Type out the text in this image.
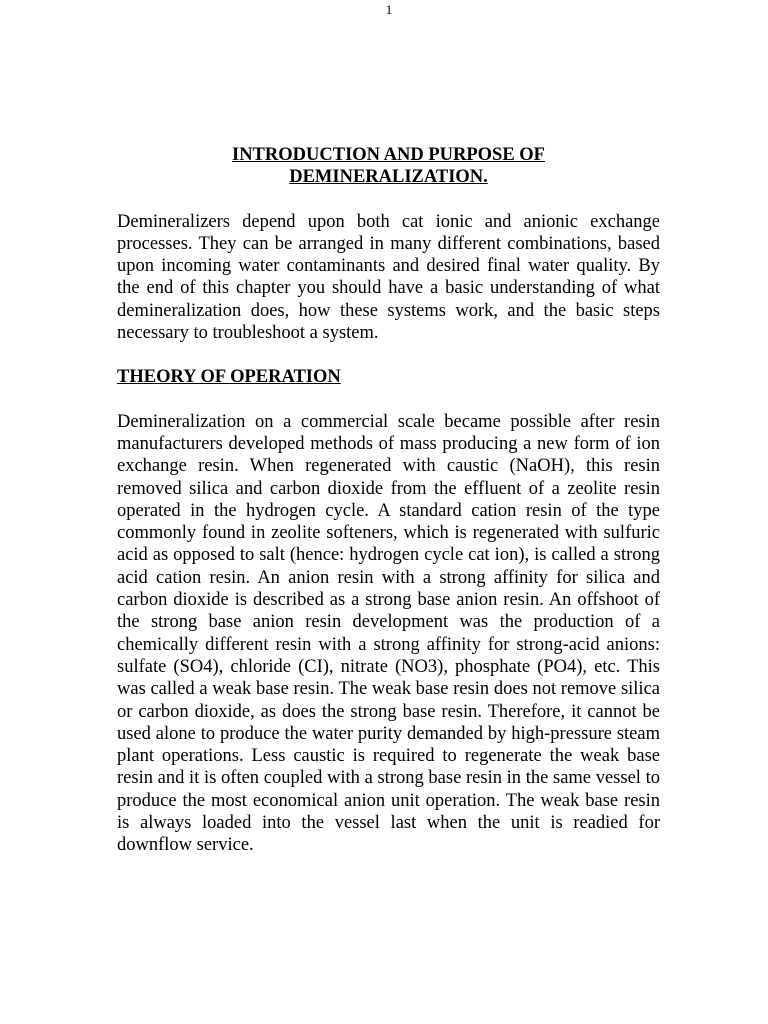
1
INTRODUCTION AND PURPOSE OF
DEMINERALIZATION.

Demineralizers depend upon both cat ionic and anionic exchange processes. They can be arranged in many different combinations, based upon incoming water contaminants and desired final water quality. By the end of this chapter you should have a basic understanding of what demineralization does, how these systems work, and the basic steps necessary to troubleshoot a system.

THEORY OF OPERATION

Demineralization on a commercial scale became possible after resin manufacturers developed methods of mass producing a new form of ion exchange resin. When regenerated with caustic (NaOH), this resin removed silica and carbon dioxide from the effluent of a zeolite resin operated in the hydrogen cycle. A standard cation resin of the type commonly found in zeolite softeners, which is regenerated with sulfuric acid as opposed to salt (hence: hydrogen cycle cat ion), is called a strong acid cation resin. An anion resin with a strong affinity for silica and carbon dioxide is described as a strong base anion resin. An offshoot of the strong base anion resin development was the production of a chemically different resin with a strong affinity for strong-acid anions: sulfate (SO4), chloride (CI), nitrate (NO3), phosphate (PO4), etc. This was called a weak base resin. The weak base resin does not remove silica or carbon dioxide, as does the strong base resin. Therefore, it cannot be used alone to produce the water purity demanded by high-pressure steam plant operations. Less caustic is required to regenerate the weak base resin and it is often coupled with a strong base resin in the same vessel to produce the most economical anion unit operation. The weak base resin is always loaded into the vessel last when the unit is readied for downflow service.
